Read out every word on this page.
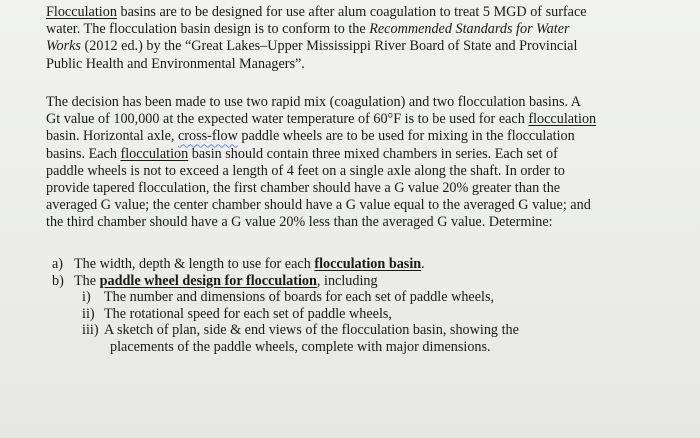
Flocculation basins are to be designed for use after alum coagulation to treat 5 MGD of surface
water. The flocculation basin design is to conform to the Recommended Standards for Water
Works (2012 ed.) by the “Great Lakes–Upper Mississippi River Board of State and Provincial
Public Health and Environmental Managers”.

The decision has been made to use two rapid mix (coagulation) and two flocculation basins. A
Gt value of 100,000 at the expected water temperature of 60°F is to be used for each flocculation
basin. Horizontal axle, cross-flow paddle wheels are to be used for mixing in the flocculation
basins. Each flocculation basin should contain three mixed chambers in series. Each set of
paddle wheels is not to exceed a length of 4 feet on a single axle along the shaft. In order to
provide tapered flocculation, the first chamber should have a G value 20% greater than the
averaged G value; the center chamber should have a G value equal to the averaged G value; and
the third chamber should have a G value 20% less than the averaged G value. Determine:

a) The width, depth & length to use for each flocculation basin.
b) The paddle wheel design for flocculation, including
i) The number and dimensions of boards for each set of paddle wheels,
ii) The rotational speed for each set of paddle wheels,
iii) A sketch of plan, side & end views of the flocculation basin, showing the
placements of the paddle wheels, complete with major dimensions.
